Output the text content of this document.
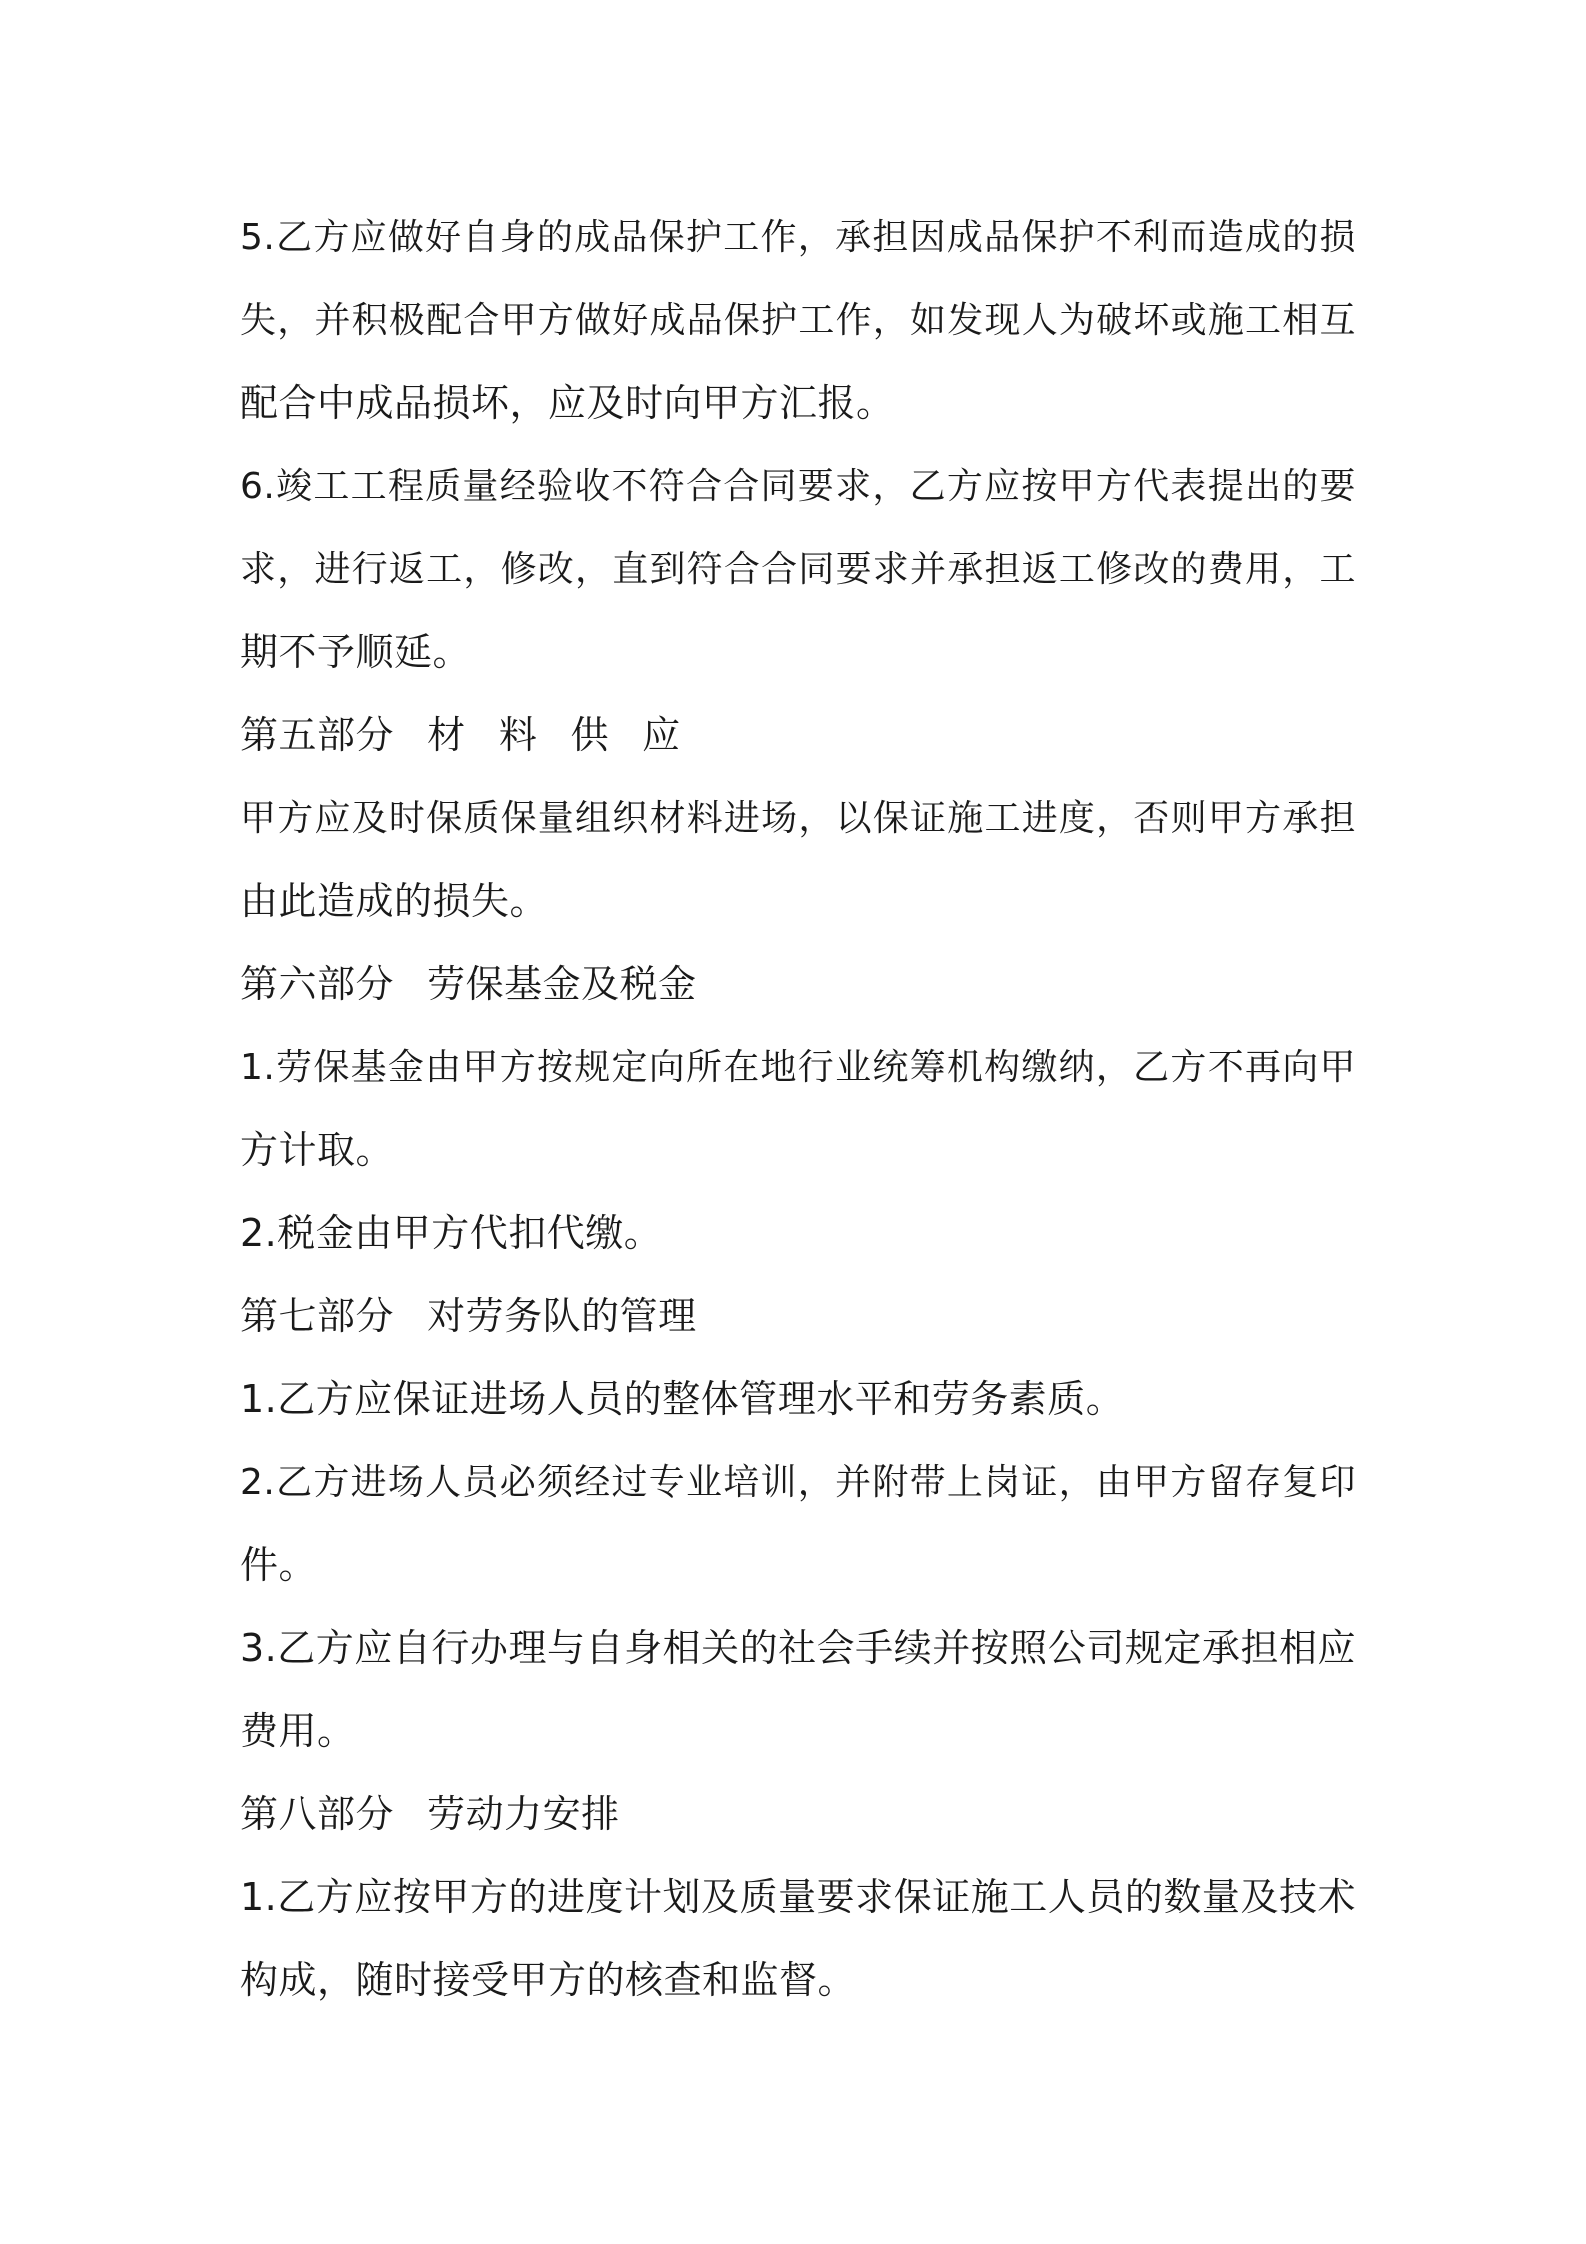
5.乙方应做好自身的成品保护工作，承担因成品保护不利而造成的损

失，并积极配合甲方做好成品保护工作，如发现人为破坏或施工相互

配合中成品损坏，应及时向甲方汇报。

6.竣工工程质量经验收不符合合同要求，乙方应按甲方代表提出的要

求，进行返工，修改，直到符合合同要求并承担返工修改的费用，工

期不予顺延。

第五部分  材  料  供  应

甲方应及时保质保量组织材料进场，以保证施工进度，否则甲方承担

由此造成的损失。

第六部分  劳保基金及税金

1.劳保基金由甲方按规定向所在地行业统筹机构缴纳，乙方不再向甲

方计取。

2.税金由甲方代扣代缴。

第七部分  对劳务队的管理

1.乙方应保证进场人员的整体管理水平和劳务素质。

2.乙方进场人员必须经过专业培训，并附带上岗证，由甲方留存复印

件。

3.乙方应自行办理与自身相关的社会手续并按照公司规定承担相应

费用。

第八部分  劳动力安排

1.乙方应按甲方的进度计划及质量要求保证施工人员的数量及技术

构成，随时接受甲方的核查和监督。
